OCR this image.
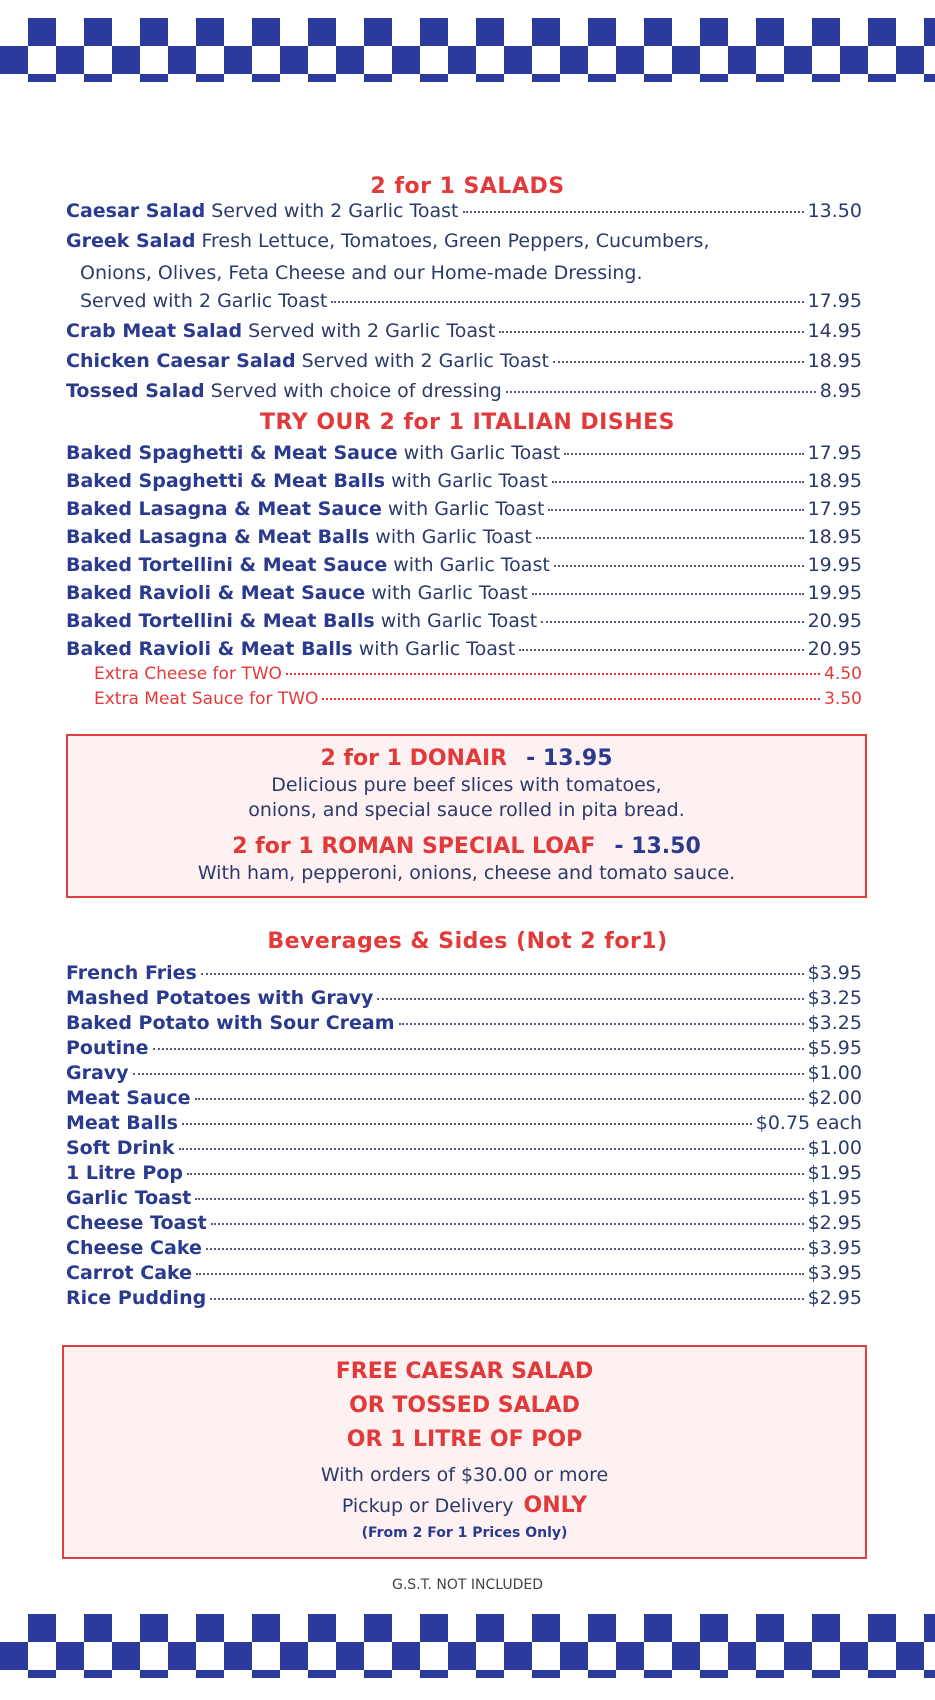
2 for 1 SALADS
Caesar Salad Served with 2 Garlic Toast	13.50
Greek Salad Fresh Lettuce, Tomatoes, Green Peppers, Cucumbers,
Onions, Olives, Feta Cheese and our Home-made Dressing.
Served with 2 Garlic Toast	17.95
Crab Meat Salad Served with 2 Garlic Toast	14.95
Chicken Caesar Salad Served with 2 Garlic Toast	18.95
Tossed Salad Served with choice of dressing	8.95
TRY OUR 2 for 1 ITALIAN DISHES
Baked Spaghetti & Meat Sauce with Garlic Toast	17.95
Baked Spaghetti & Meat Balls with Garlic Toast	18.95
Baked Lasagna & Meat Sauce with Garlic Toast	17.95
Baked Lasagna & Meat Balls with Garlic Toast	18.95
Baked Tortellini & Meat Sauce with Garlic Toast	19.95
Baked Ravioli & Meat Sauce with Garlic Toast	19.95
Baked Tortellini & Meat Balls with Garlic Toast	20.95
Baked Ravioli & Meat Balls with Garlic Toast	20.95
Extra Cheese for TWO	4.50
Extra Meat Sauce for TWO	3.50
2 for 1 DONAIR - 13.95
Delicious pure beef slices with tomatoes,
onions, and special sauce rolled in pita bread.
2 for 1 ROMAN SPECIAL LOAF - 13.50
With ham, pepperoni, onions, cheese and tomato sauce.
Beverages & Sides (Not 2 for1)
French Fries	$3.95
Mashed Potatoes with Gravy	$3.25
Baked Potato with Sour Cream	$3.25
Poutine	$5.95
Gravy	$1.00
Meat Sauce	$2.00
Meat Balls	$0.75 each
Soft Drink	$1.00
1 Litre Pop	$1.95
Garlic Toast	$1.95
Cheese Toast	$2.95
Cheese Cake	$3.95
Carrot Cake	$3.95
Rice Pudding	$2.95
FREE CAESAR SALAD
OR TOSSED SALAD
OR 1 LITRE OF POP
With orders of $30.00 or more
Pickup or Delivery ONLY
(From 2 For 1 Prices Only)
G.S.T. NOT INCLUDED
